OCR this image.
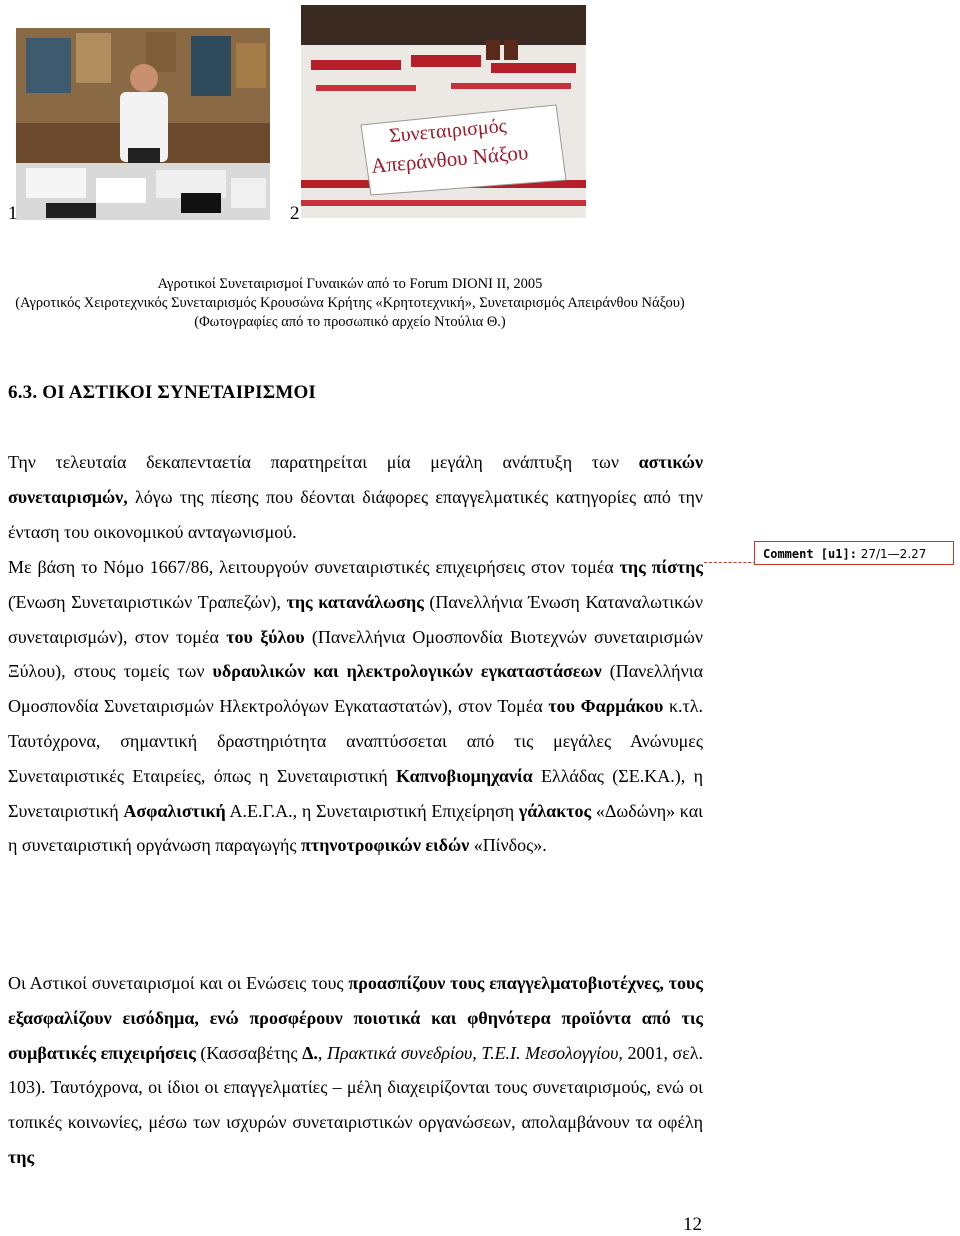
1
Συνεταιρισμός
Απεράνθου Νάξου
2
Αγροτικοί Συνεταιρισμοί Γυναικών από το Forum DIONI II, 2005
(Αγροτικός Χειροτεχνικός Συνεταιρισμός Κρουσώνα Κρήτης «Κρητοτεχνική», Συνεταιρισμός Απειράνθου Νάξου)
(Φωτογραφίες από το προσωπικό αρχείο Ντούλια Θ.)
6.3. ΟΙ ΑΣΤΙΚΟΙ ΣΥΝΕΤΑΙΡΙΣΜΟΙ
Την τελευταία δεκαπενταετία παρατηρείται μία μεγάλη ανάπτυξη των αστικών συνεταιρισμών, λόγω της πίεσης που δέονται διάφορες επαγγελματικές κατηγορίες από την ένταση του οικονομικού ανταγωνισμού.
Με βάση το Νόμο 1667/86, λειτουργούν συνεταιριστικές επιχειρήσεις στον τομέα της πίστης (Ένωση Συνεταιριστικών Τραπεζών), της κατανάλωσης (Πανελλήνια Ένωση Καταναλωτικών συνεταιρισμών), στον τομέα του ξύλου (Πανελλήνια Ομοσπονδία Βιοτεχνών συνεταιρισμών Ξύλου), στους τομείς των υδραυλικών και ηλεκτρολογικών εγκαταστάσεων (Πανελλήνια Ομοσπονδία Συνεταιρισμών Ηλεκτρολόγων Εγκαταστατών), στον Τομέα του Φαρμάκου κ.τλ. Ταυτόχρονα, σημαντική δραστηριότητα αναπτύσσεται από τις μεγάλες Ανώνυμες Συνεταιριστικές Εταιρείες, όπως η Συνεταιριστική Καπνοβιομηχανία Ελλάδας (ΣΕ.ΚΑ.), η Συνεταιριστική Ασφαλιστική Α.Ε.Γ.Α., η Συνεταιριστική Επιχείρηση γάλακτος «Δωδώνη» και η συνεταιριστική οργάνωση παραγωγής πτηνοτροφικών ειδών «Πίνδος».
Comment [u1]: 27/1—2.27
Οι Αστικοί συνεταιρισμοί και οι Ενώσεις τους προασπίζουν τους επαγγελματοβιοτέχνες, τους εξασφαλίζουν εισόδημα, ενώ προσφέρουν ποιοτικά και φθηνότερα προϊόντα από τις συμβατικές επιχειρήσεις (Κασσαβέτης Δ., Πρακτικά συνεδρίου, Τ.Ε.Ι. Μεσολογγίου, 2001, σελ. 103). Ταυτόχρονα, οι ίδιοι οι επαγγελματίες – μέλη διαχειρίζονται τους συνεταιρισμούς, ενώ οι τοπικές κοινωνίες, μέσω των ισχυρών συνεταιριστικών οργανώσεων, απολαμβάνουν τα οφέλη της
12
